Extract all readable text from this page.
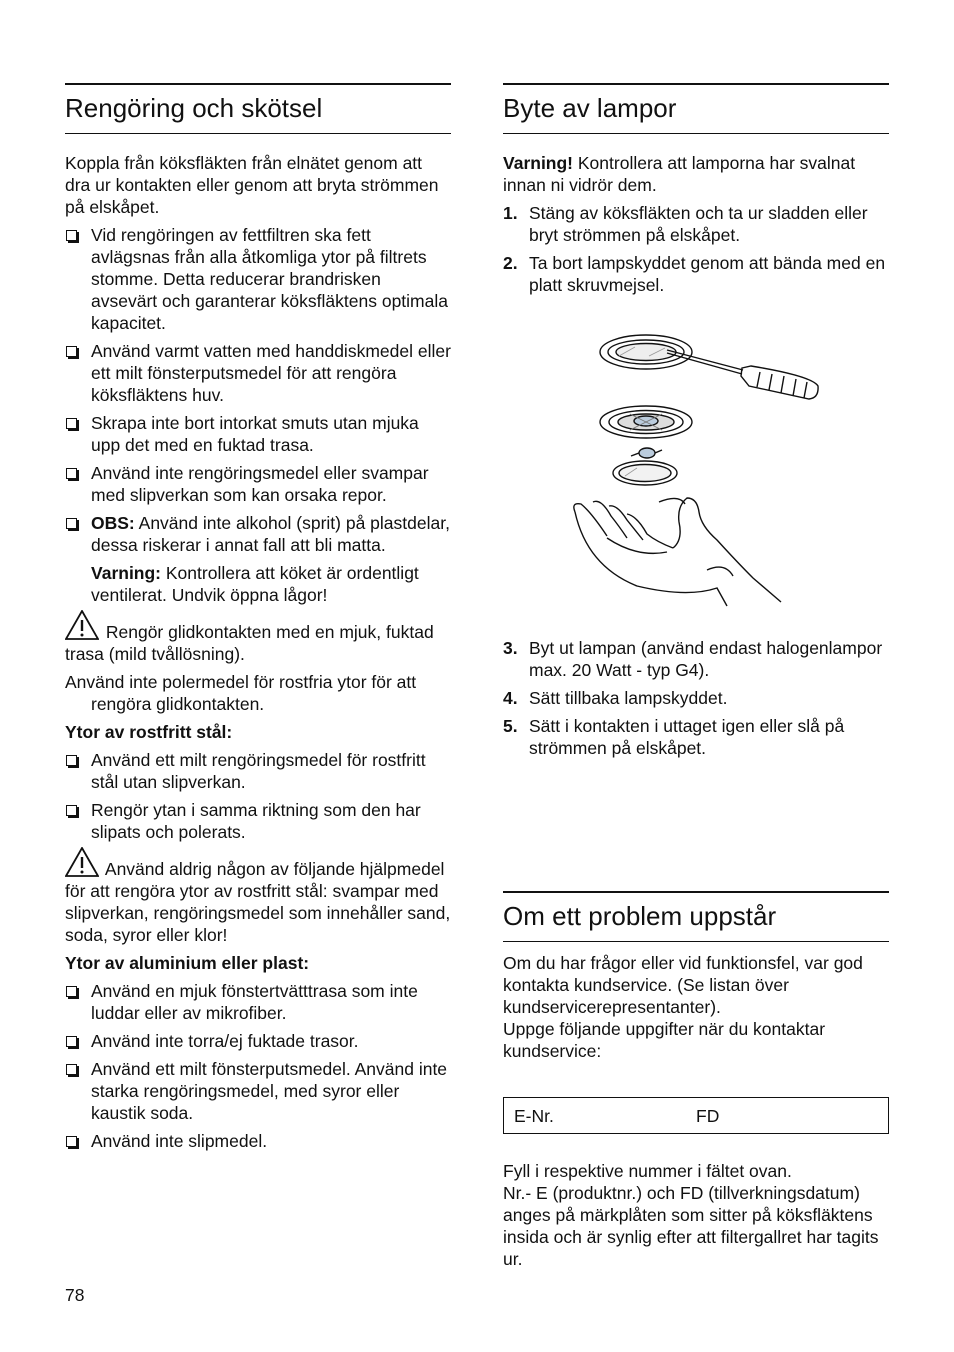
Rengöring och skötsel

Koppla från köksfläkten från elnätet genom att dra ur kontakten eller genom att bryta strömmen på elskåpet.

Vid rengöringen av fettfiltren ska fett avlägsnas från alla åtkomliga ytor på filtrets stomme. Detta reducerar brandrisken avsevärt och garanterar köksfläktens optimala kapacitet.
Använd varmt vatten med handdiskmedel eller ett milt fönsterputsmedel för att rengöra köksfläktens huv.
Skrapa inte bort intorkat smuts utan mjuka upp det med en fuktad trasa.
Använd inte rengöringsmedel eller svampar med slipverkan som kan orsaka repor.
OBS: Använd inte alkohol (sprit) på plastdelar, dessa riskerar i annat fall att bli matta.

Varning: Kontrollera att köket är ordentligt ventilerat. Undvik öppna lågor!

Rengör glidkontakten med en mjuk, fuktad trasa (mild tvållösning).

Använd inte polermedel för rostfria ytor för att rengöra glidkontakten.

Ytor av rostfritt stål:

Använd ett milt rengöringsmedel för rostfritt stål utan slipverkan.
Rengör ytan i samma riktning som den har slipats och polerats.

Använd aldrig någon av följande hjälpmedel för att rengöra ytor av rostfritt stål: svampar med slipverkan, rengöringsmedel som innehåller sand, soda, syror eller klor!

Ytor av aluminium eller plast:

Använd en mjuk fönstertvätttrasa som inte luddar eller av mikrofiber.
Använd inte torra/ej fuktade trasor.
Använd ett milt fönsterputsmedel. Använd inte starka rengöringsmedel, med syror eller kaustik soda.
Använd inte slipmedel.
Byte av lampor

Varning! Kontrollera att lamporna har svalnat innan ni vidrör dem.

1. Stäng av köksfläkten och ta ur sladden eller bryt strömmen på elskåpet.
2. Ta bort lampskyddet genom att bända med en platt skruvmejsel.
3. Byt ut lampan (använd endast halogenlampor max. 20 Watt - typ G4).
4. Sätt tillbaka lampskyddet.
5. Sätt i kontakten i uttaget igen eller slå på strömmen på elskåpet.
Om ett problem uppstår

Om du har frågor eller vid funktionsfel, var god kontakta kundservice. (Se listan över kundservicerepresentanter).

Uppge följande uppgifter när du kontaktar kundservice:

E-Nr.	FD

Fyll i respektive nummer i fältet ovan.

Nr.- E (produktnr.) och FD (tillverkningsdatum) anges på märkplåten som sitter på köksfläktens insida och är synlig efter att filtergallret har tagits ur.

78
